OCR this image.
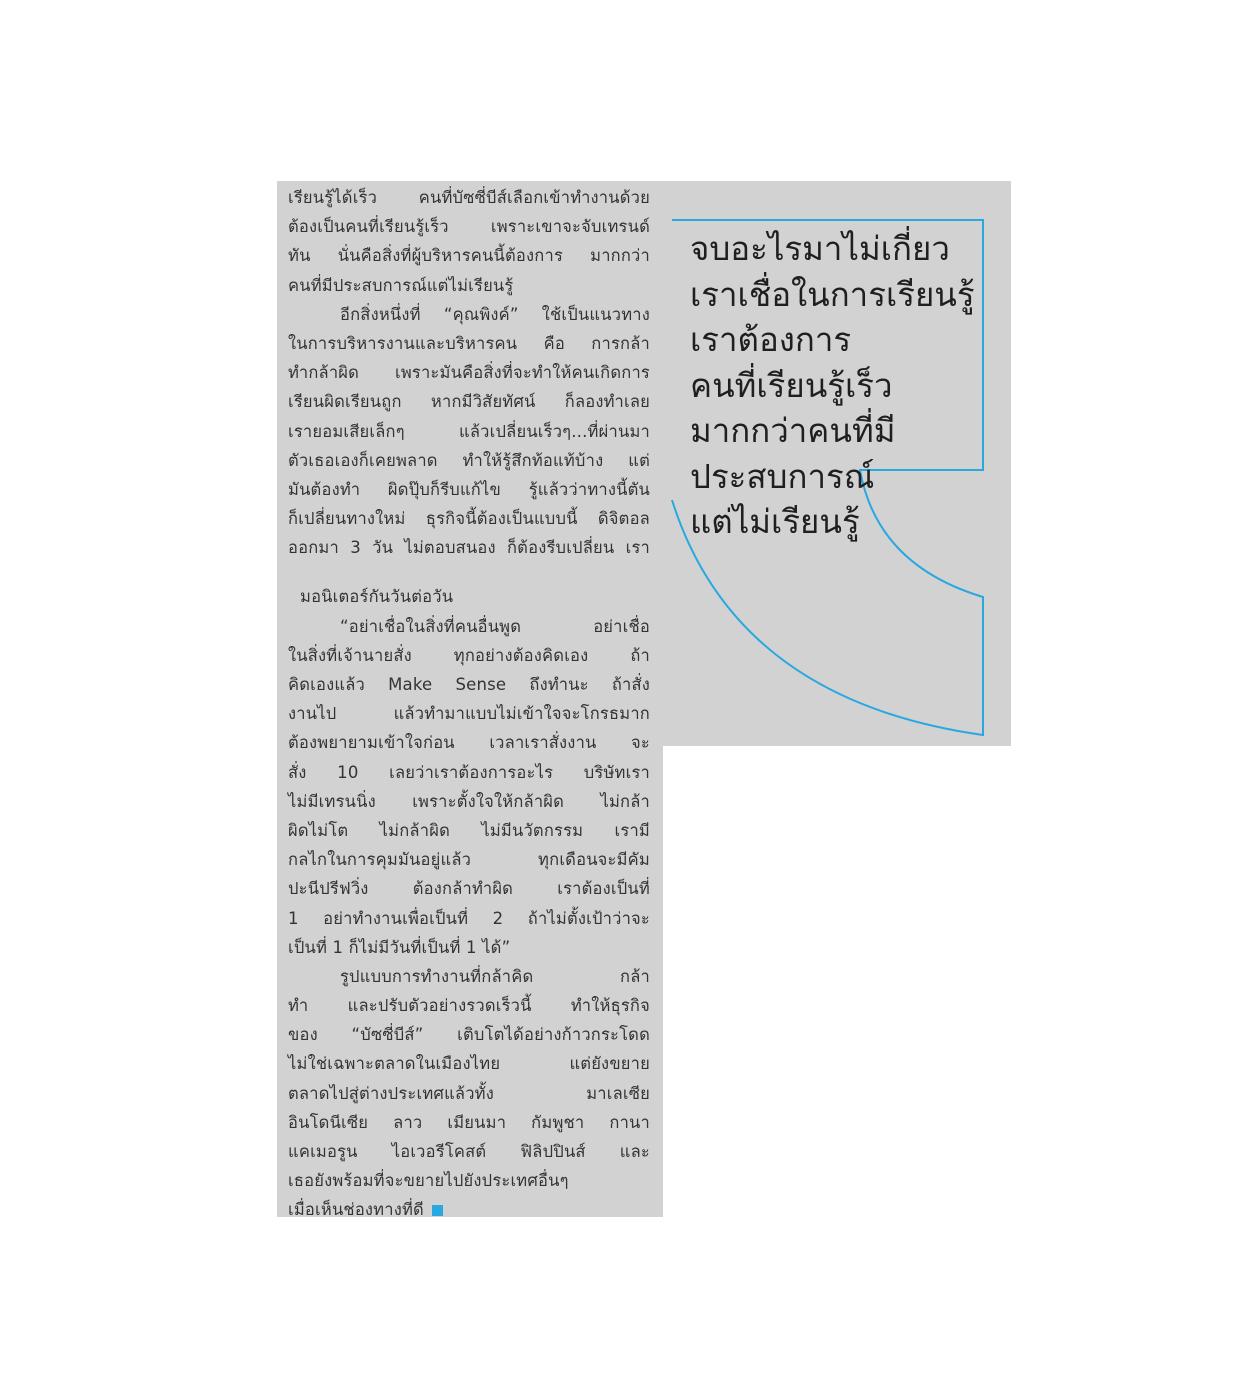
เรียนรู้ได้เร็ว คนที่บัซซี่บีส์เลือกเข้าทำงานด้วย
ต้องเป็นคนที่เรียนรู้เร็ว เพราะเขาจะจับเทรนด์
ทัน นั่นคือสิ่งที่ผู้บริหารคนนี้ต้องการ มากกว่า
คนที่มีประสบการณ์แต่ไม่เรียนรู้
อีกสิ่งหนึ่งที่ “คุณพิงค์” ใช้เป็นแนวทาง
ในการบริหารงานและบริหารคน คือ การกล้า
ทำกล้าผิด เพราะมันคือสิ่งที่จะทำให้คนเกิดการ
เรียนผิดเรียนถูก หากมีวิสัยทัศน์ ก็ลองทำเลย
เรายอมเสียเล็กๆ แล้วเปลี่ยนเร็วๆ...ที่ผ่านมา
ตัวเธอเองก็เคยพลาด ทำให้รู้สึกท้อแท้บ้าง แต่
มันต้องทำ ผิดปุ๊บก็รีบแก้ไข รู้แล้วว่าทางนี้ตัน
ก็เปลี่ยนทางใหม่ ธุรกิจนี้ต้องเป็นแบบนี้ ดิจิตอล
ออกมา 3 วัน ไม่ตอบสนอง ก็ต้องรีบเปลี่ยน เรา
มอนิเตอร์กันวันต่อวัน
“อย่าเชื่อในสิ่งที่คนอื่นพูด อย่าเชื่อ
ในสิ่งที่เจ้านายสั่ง ทุกอย่างต้องคิดเอง ถ้า
คิดเองแล้ว Make Sense ถึงทำนะ ถ้าสั่ง
งานไป แล้วทำมาแบบไม่เข้าใจจะโกรธมาก
ต้องพยายามเข้าใจก่อน เวลาเราสั่งงาน จะ
สั่ง 10 เลยว่าเราต้องการอะไร บริษัทเรา
ไม่มีเทรนนิ่ง เพราะตั้งใจให้กล้าผิด ไม่กล้า
ผิดไม่โต ไม่กล้าผิด ไม่มีนวัตกรรม เรามี
กลไกในการคุมมันอยู่แล้ว ทุกเดือนจะมีคัม
ปะนีปรีฟวิ่ง ต้องกล้าทำผิด เราต้องเป็นที่
1 อย่าทำงานเพื่อเป็นที่ 2 ถ้าไม่ตั้งเป้าว่าจะ
เป็นที่ 1 ก็ไม่มีวันที่เป็นที่ 1 ได้”
รูปแบบการทำงานที่กล้าคิด กล้า
ทำ และปรับตัวอย่างรวดเร็วนี้ ทำให้ธุรกิจ
ของ “บัซซี่บีส์” เติบโตได้อย่างก้าวกระโดด
ไม่ใช่เฉพาะตลาดในเมืองไทย แต่ยังขยาย
ตลาดไปสู่ต่างประเทศแล้วทั้ง มาเลเซีย
อินโดนีเซีย ลาว เมียนมา กัมพูชา กานา
แคเมอรูน ไอเวอรีโคสต์ ฟิลิปปินส์ และ
เธอยังพร้อมที่จะขยายไปยังประเทศอื่นๆ
เมื่อเห็นช่องทางที่ดี
จบอะไรมาไม่เกี่ยว
เราเชื่อในการเรียนรู้
เราต้องการ
คนที่เรียนรู้เร็ว
มากกว่าคนที่มี
ประสบการณ์
แต่ไม่เรียนรู้
